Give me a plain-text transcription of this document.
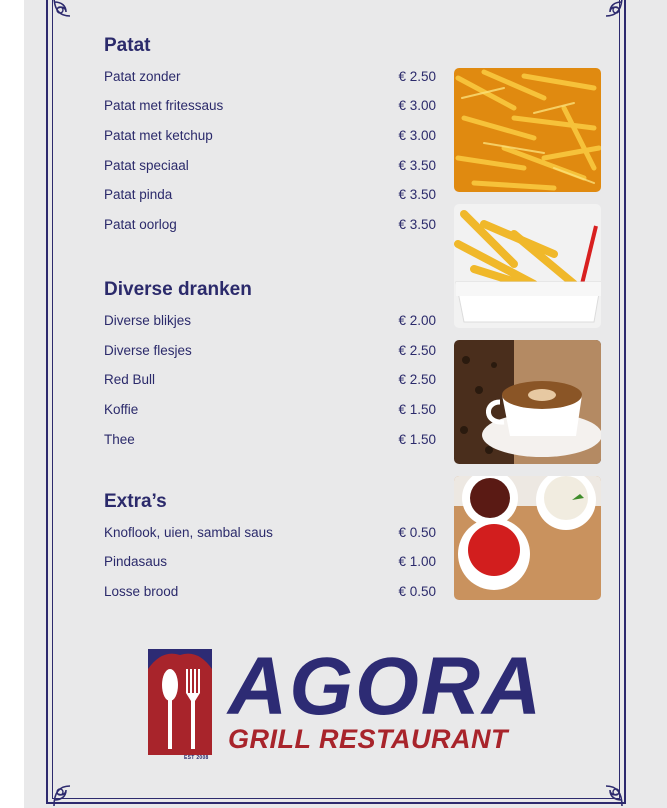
Patat
Patat zonder	€ 2.50
Patat met fritessaus	€ 3.00
Patat met ketchup	€ 3.00
Patat speciaal	€ 3.50
Patat pinda	€ 3.50
Patat oorlog	€ 3.50
Diverse dranken
Diverse blikjes	€ 2.00
Diverse flesjes	€ 2.50
Red Bull	€ 2.50
Koffie	€ 1.50
Thee	€ 1.50
Extra’s
Knoflook, uien, sambal saus	€ 0.50
Pindasaus	€ 1.00
Losse brood	€ 0.50
AGORA
GRILL RESTAURANT
EST 2008
